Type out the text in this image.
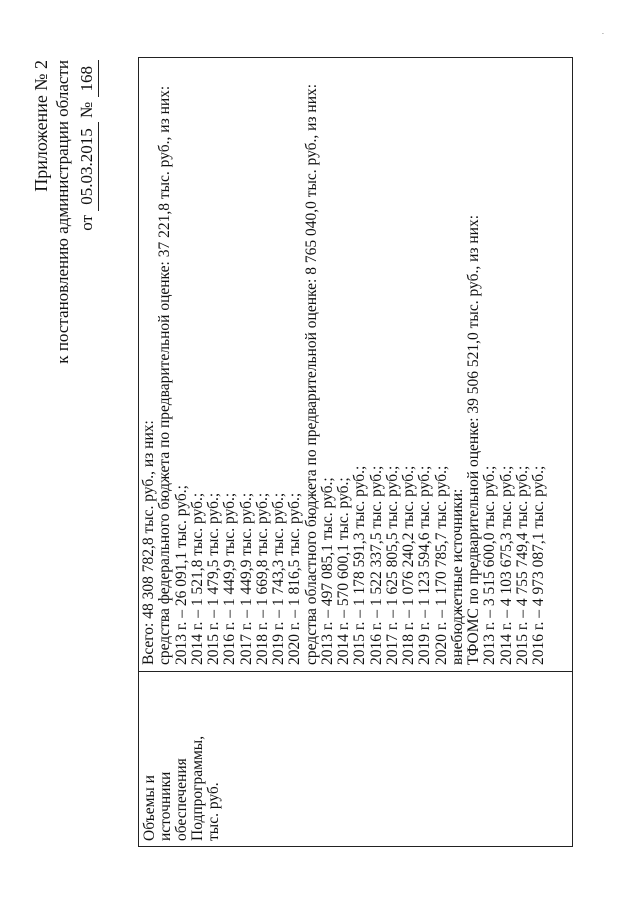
Приложение № 2 к постановлению администрации области от 05.03.2015 № 168
Объемы и источники обеспечения Подпрограммы, тыс. руб.
Всего: 48 308 782,8 тыс. руб., из них: средства федерального бюджета по предварительной оценке: 37 221,8 тыс. руб., из них: 2013 г. – 26 091,1 тыс. руб.; 2014 г. – 1 521,8 тыс. руб.; 2015 г. – 1 479,5 тыс. руб.; 2016 г. – 1 449,9 тыс. руб.; 2017 г. – 1 449,9 тыс. руб.; 2018 г. – 1 669,8 тыс. руб.; 2019 г. – 1 743,3 тыс. руб.; 2020 г. – 1 816,5 тыс. руб.; средства областного бюджета по предварительной оценке: 8 765 040,0 тыс. руб., из них: 2013 г. – 497 085,1 тыс. руб.; 2014 г. – 570 600,1 тыс. руб.; 2015 г. – 1 178 591,3 тыс. руб.; 2016 г. – 1 522 337,5 тыс. руб.; 2017 г. – 1 625 805,5 тыс. руб.; 2018 г. – 1 076 240,2 тыс. руб.; 2019 г. – 1 123 594,6 тыс. руб.; 2020 г. – 1 170 785,7 тыс. руб.; внебюджетные источники: ТФОМС по предварительной оценке: 39 506 521,0 тыс. руб., из них: 2013 г. – 3 515 600,0 тыс. руб.; 2014 г. – 4 103 675,3 тыс. руб.; 2015 г. – 4 755 749,4 тыс. руб.; 2016 г. – 4 973 087,1 тыс. руб.;
·
